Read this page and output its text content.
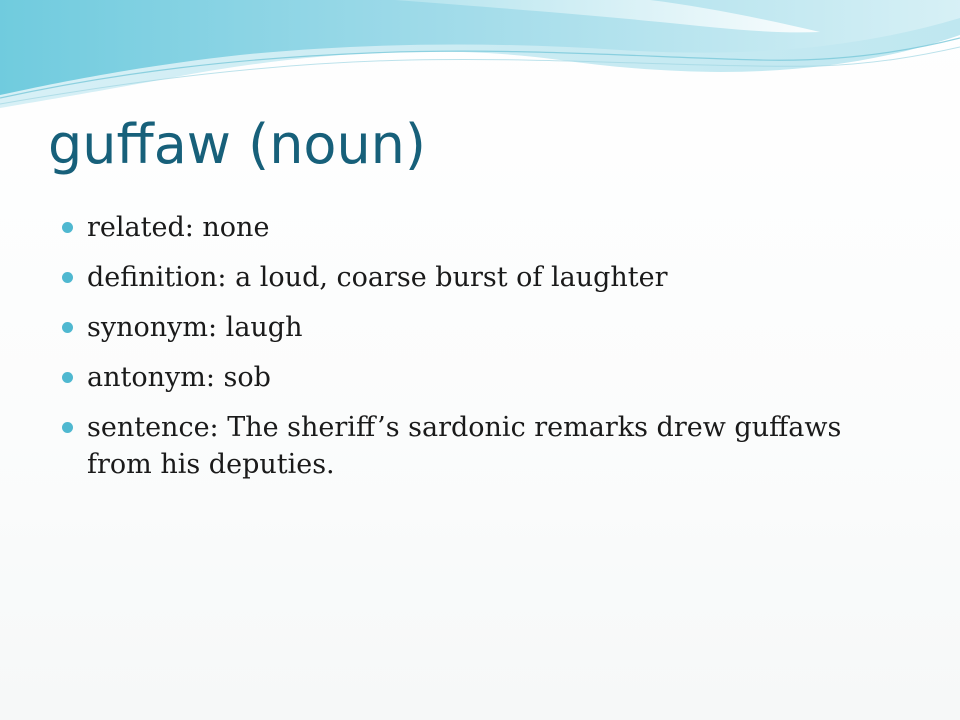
guffaw (noun)
related: none
definition: a loud, coarse burst of laughter
synonym: laugh
antonym: sob
sentence: The sheriff’s sardonic remarks drew guffaws from his deputies.
